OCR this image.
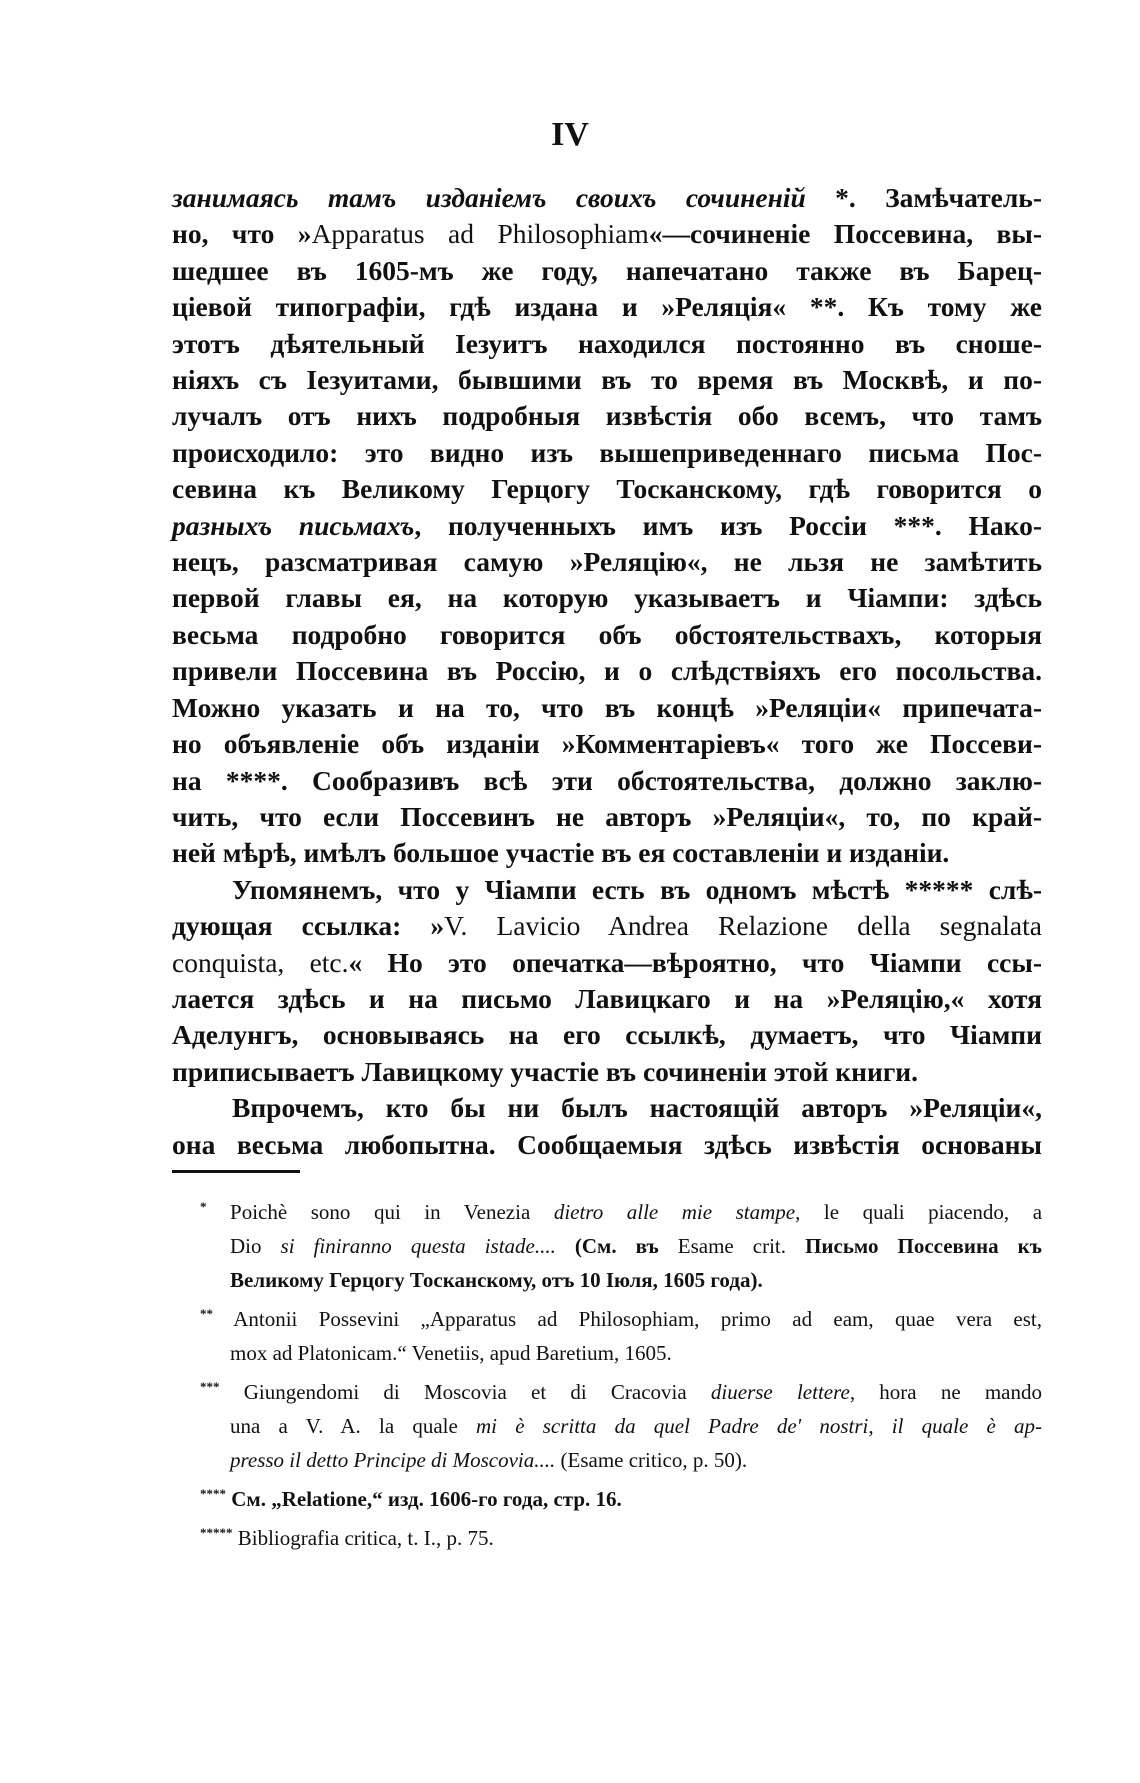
IV
занимаясь тамъ изданіемъ своихъ сочиненій *. Замѣчатель-
но, что »Apparatus ad Philosophiam«—сочиненіе Поссевина, вы-
шедшее въ 1605-мъ же году, напечатано также въ Барец-
ціевой типографіи, гдѣ издана и »Реляція« **. Къ тому же
этотъ дѣятельный Іезуитъ находился постоянно въ снoше-
ніяхъ съ Іезуитами, бывшими въ то время въ Москвѣ, и по-
лучалъ отъ нихъ подробныя извѣстія обо всемъ, что тамъ
происходило: это видно изъ вышеприведеннаго письма Пос-
севина къ Великому Герцогу Тосканскому, гдѣ говорится о
разныхъ письмахъ, полученныхъ имъ изъ Россіи ***. Нако-
нецъ, разсматривая самую »Реляцію«, не льзя не замѣтить
первой главы ея, на которую указываетъ и Чіампи: здѣсь
весьма подробно говорится объ обстоятельствахъ, которыя
привели Поссевина въ Россію, и о слѣдствіяхъ его посольства.
Можно указать и на то, что въ концѣ »Реляціи« припечата-
но объявленіе объ изданіи »Комментаріевъ« того же Поссеви-
на ****. Сообразивъ всѣ эти обстоятельства, должно заклю-
чить, что если Поссевинъ не авторъ »Реляціи«, то, по край-
ней мѣрѣ, имѣлъ большое участіе въ ея составленіи и изданіи.
Упомянемъ, что у Чіампи есть въ одномъ мѣстѣ ***** слѣ-
дующая ссылка: »V. Lavicio Andrea Relazione della segnalata
conquista, etc.« Но это опечатка—вѣроятно, что Чіампи ссы-
лается здѣсь и на письмо Лавицкаго и на »Реляцію,« хотя
Аделунгъ, основываясь на его ссылкѣ, думаетъ, что Чіампи
приписываетъ Лавицкому участіе въ сочиненіи этой книги.
Впрочемъ, кто бы ни былъ настоящій авторъ »Реляціи«,
она весьма любопытна. Сообщаемыя здѣсь извѣстія основаны
* Poichè sono qui in Venezia dietro alle mie stampe, le quali piacendo, a
Dio si finiranno questa istade.... (См. въ Esame crit. Письмо Поссевина къ
Великому Герцогу Тосканскому, отъ 10 Іюля, 1605 года).
** Antonii Possevini „Apparatus ad Philosophiam, primo ad eam, quae vera est,
mox ad Platonicam.“ Venetiis, apud Baretium, 1605.
*** Giungendomi di Moscovia et di Cracovia diuerse lettere, hora ne mando
una a V. A. la quale mi è scritta da quel Padre de' nostri, il quale è ap-
presso il detto Principe di Moscovia.... (Esame critico, p. 50).
**** См. „Relatione,“ изд. 1606-го года, стр. 16.
***** Bibliografia critica, t. I., p. 75.
